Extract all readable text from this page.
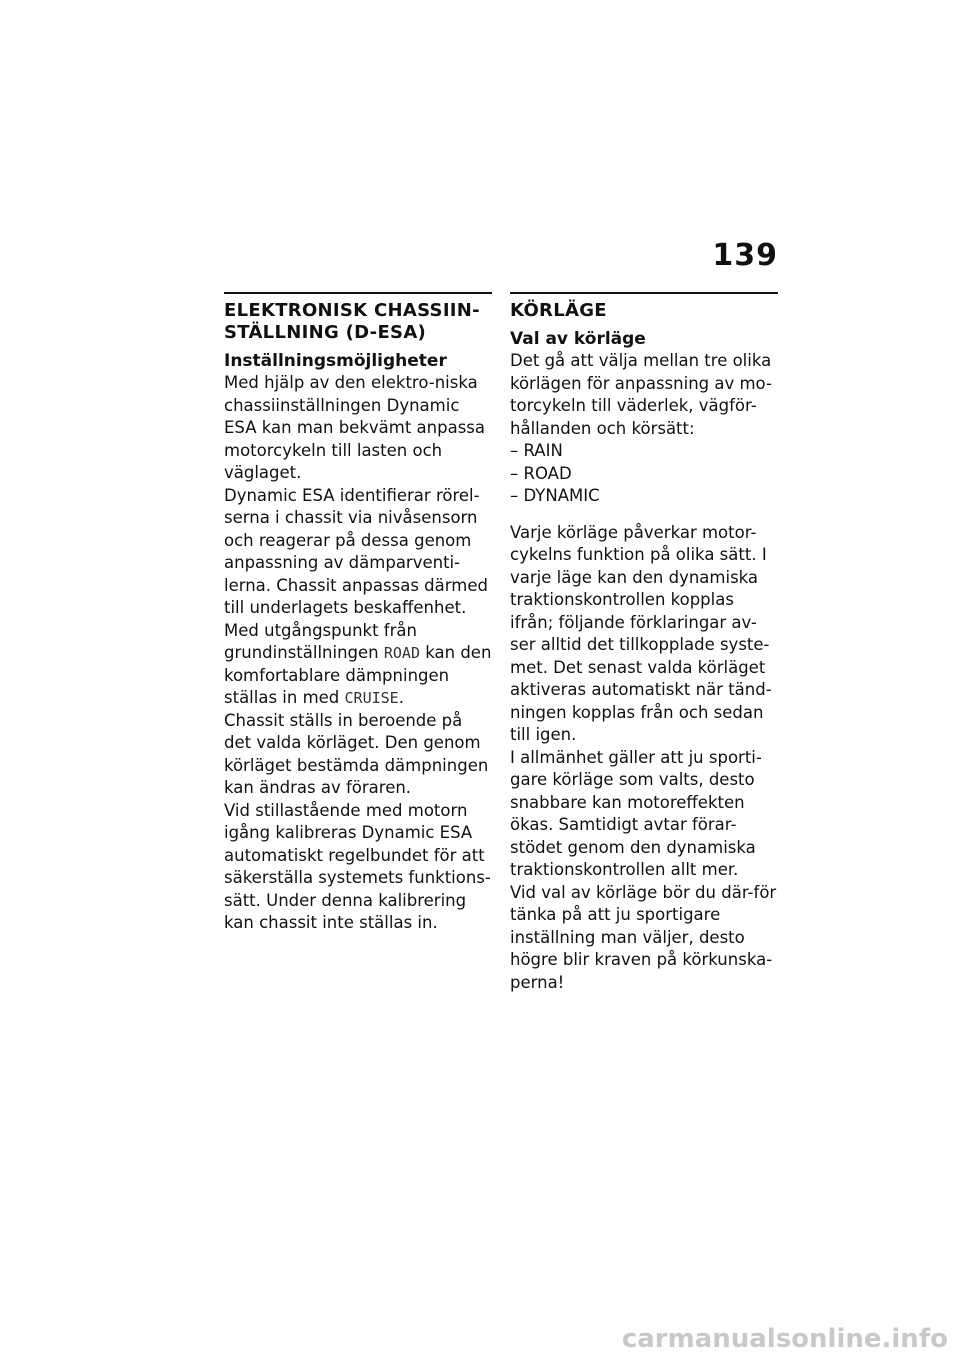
139
ELEKTRONISK CHASSIIN-STÄLLNING (D-ESA)
Inställningsmöjligheter

Med hjälp av den elektro-niska chassiinställningen Dynamic ESA kan man bekvämt anpassa motorcykeln till lasten och väglaget.

Dynamic ESA identifierar rörel-serna i chassit via nivåsensorn och reagerar på dessa genom anpassning av dämparventi-lerna. Chassit anpassas därmed till underlagets beskaffenhet.

Med utgångspunkt från grundinställningen ROAD kan den komfortablare dämpningen ställas in med CRUISE.

Chassit ställs in beroende på det valda körläget. Den genom körläget bestämda dämpningen kan ändras av föraren.

Vid stillastående med motorn igång kalibreras Dynamic ESA automatiskt regelbundet för att säkerställa systemets funktions-sätt. Under denna kalibrering kan chassit inte ställas in.

KÖRLÄGE
Val av körläge

Det gå att välja mellan tre olika körlägen för anpassning av mo-torcykeln till väderlek, vägför-hållanden och körsätt:

– RAIN
– ROAD
– DYNAMIC

Varje körläge påverkar motor-cykelns funktion på olika sätt. I varje läge kan den dynamiska traktionskontrollen kopplas ifrån; följande förklaringar av-ser alltid det tillkopplade syste-met. Det senast valda körläget aktiveras automatiskt när tänd-ningen kopplas från och sedan till igen.

I allmänhet gäller att ju sporti-gare körläge som valts, desto snabbare kan motoreffekten ökas. Samtidigt avtar förar-stödet genom den dynamiska traktionskontrollen allt mer.

Vid val av körläge bör du där-för tänka på att ju sportigare inställning man väljer, desto högre blir kraven på körkunska-perna!

carmanualsonline.info
